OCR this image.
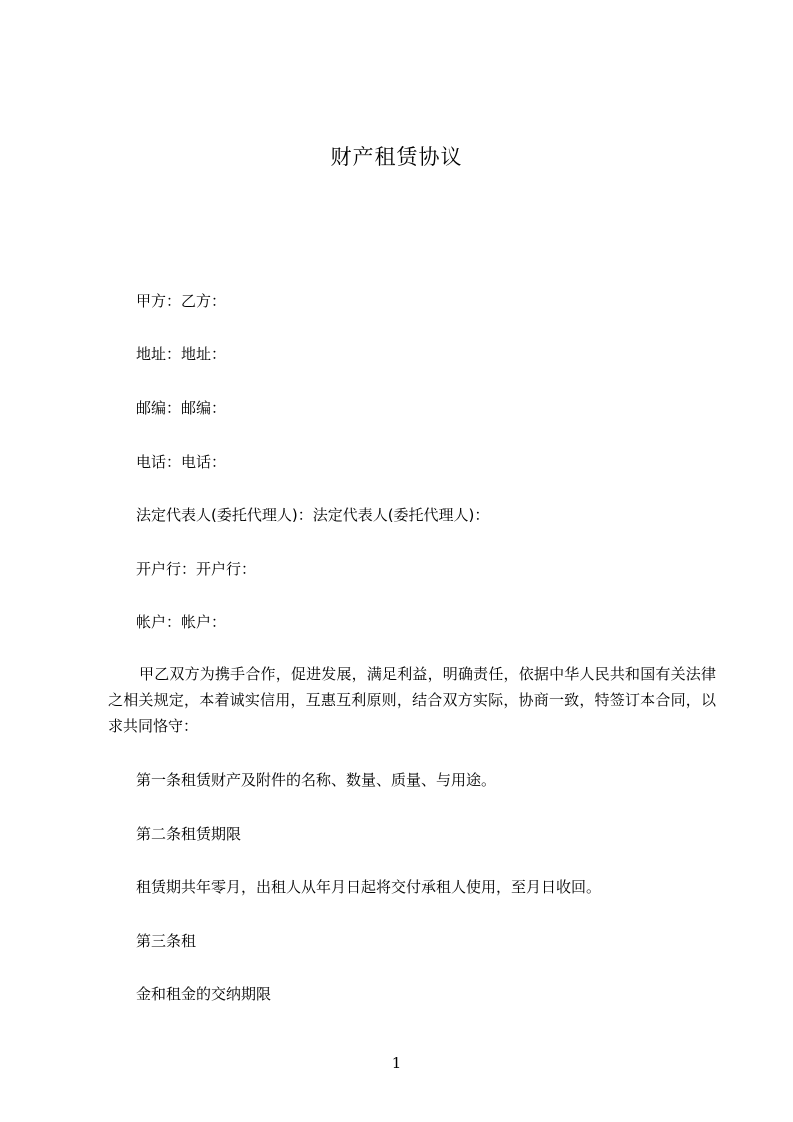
财产租赁协议
甲方：乙方：
地址：地址：
邮编：邮编：
电话：电话：
法定代表人(委托代理人)：法定代表人(委托代理人)：
开户行：开户行：
帐户：帐户：
甲乙双方为携手合作，促进发展，满足利益，明确责任，依据中华人民共和国有关法律之相关规定，本着诚实信用，互惠互利原则，结合双方实际，协商一致，特签订本合同，以求共同恪守：
第一条租赁财产及附件的名称、数量、质量、与用途。
第二条租赁期限
租赁期共年零月，出租人从年月日起将交付承租人使用，至月日收回。
第三条租
金和租金的交纳期限
1
